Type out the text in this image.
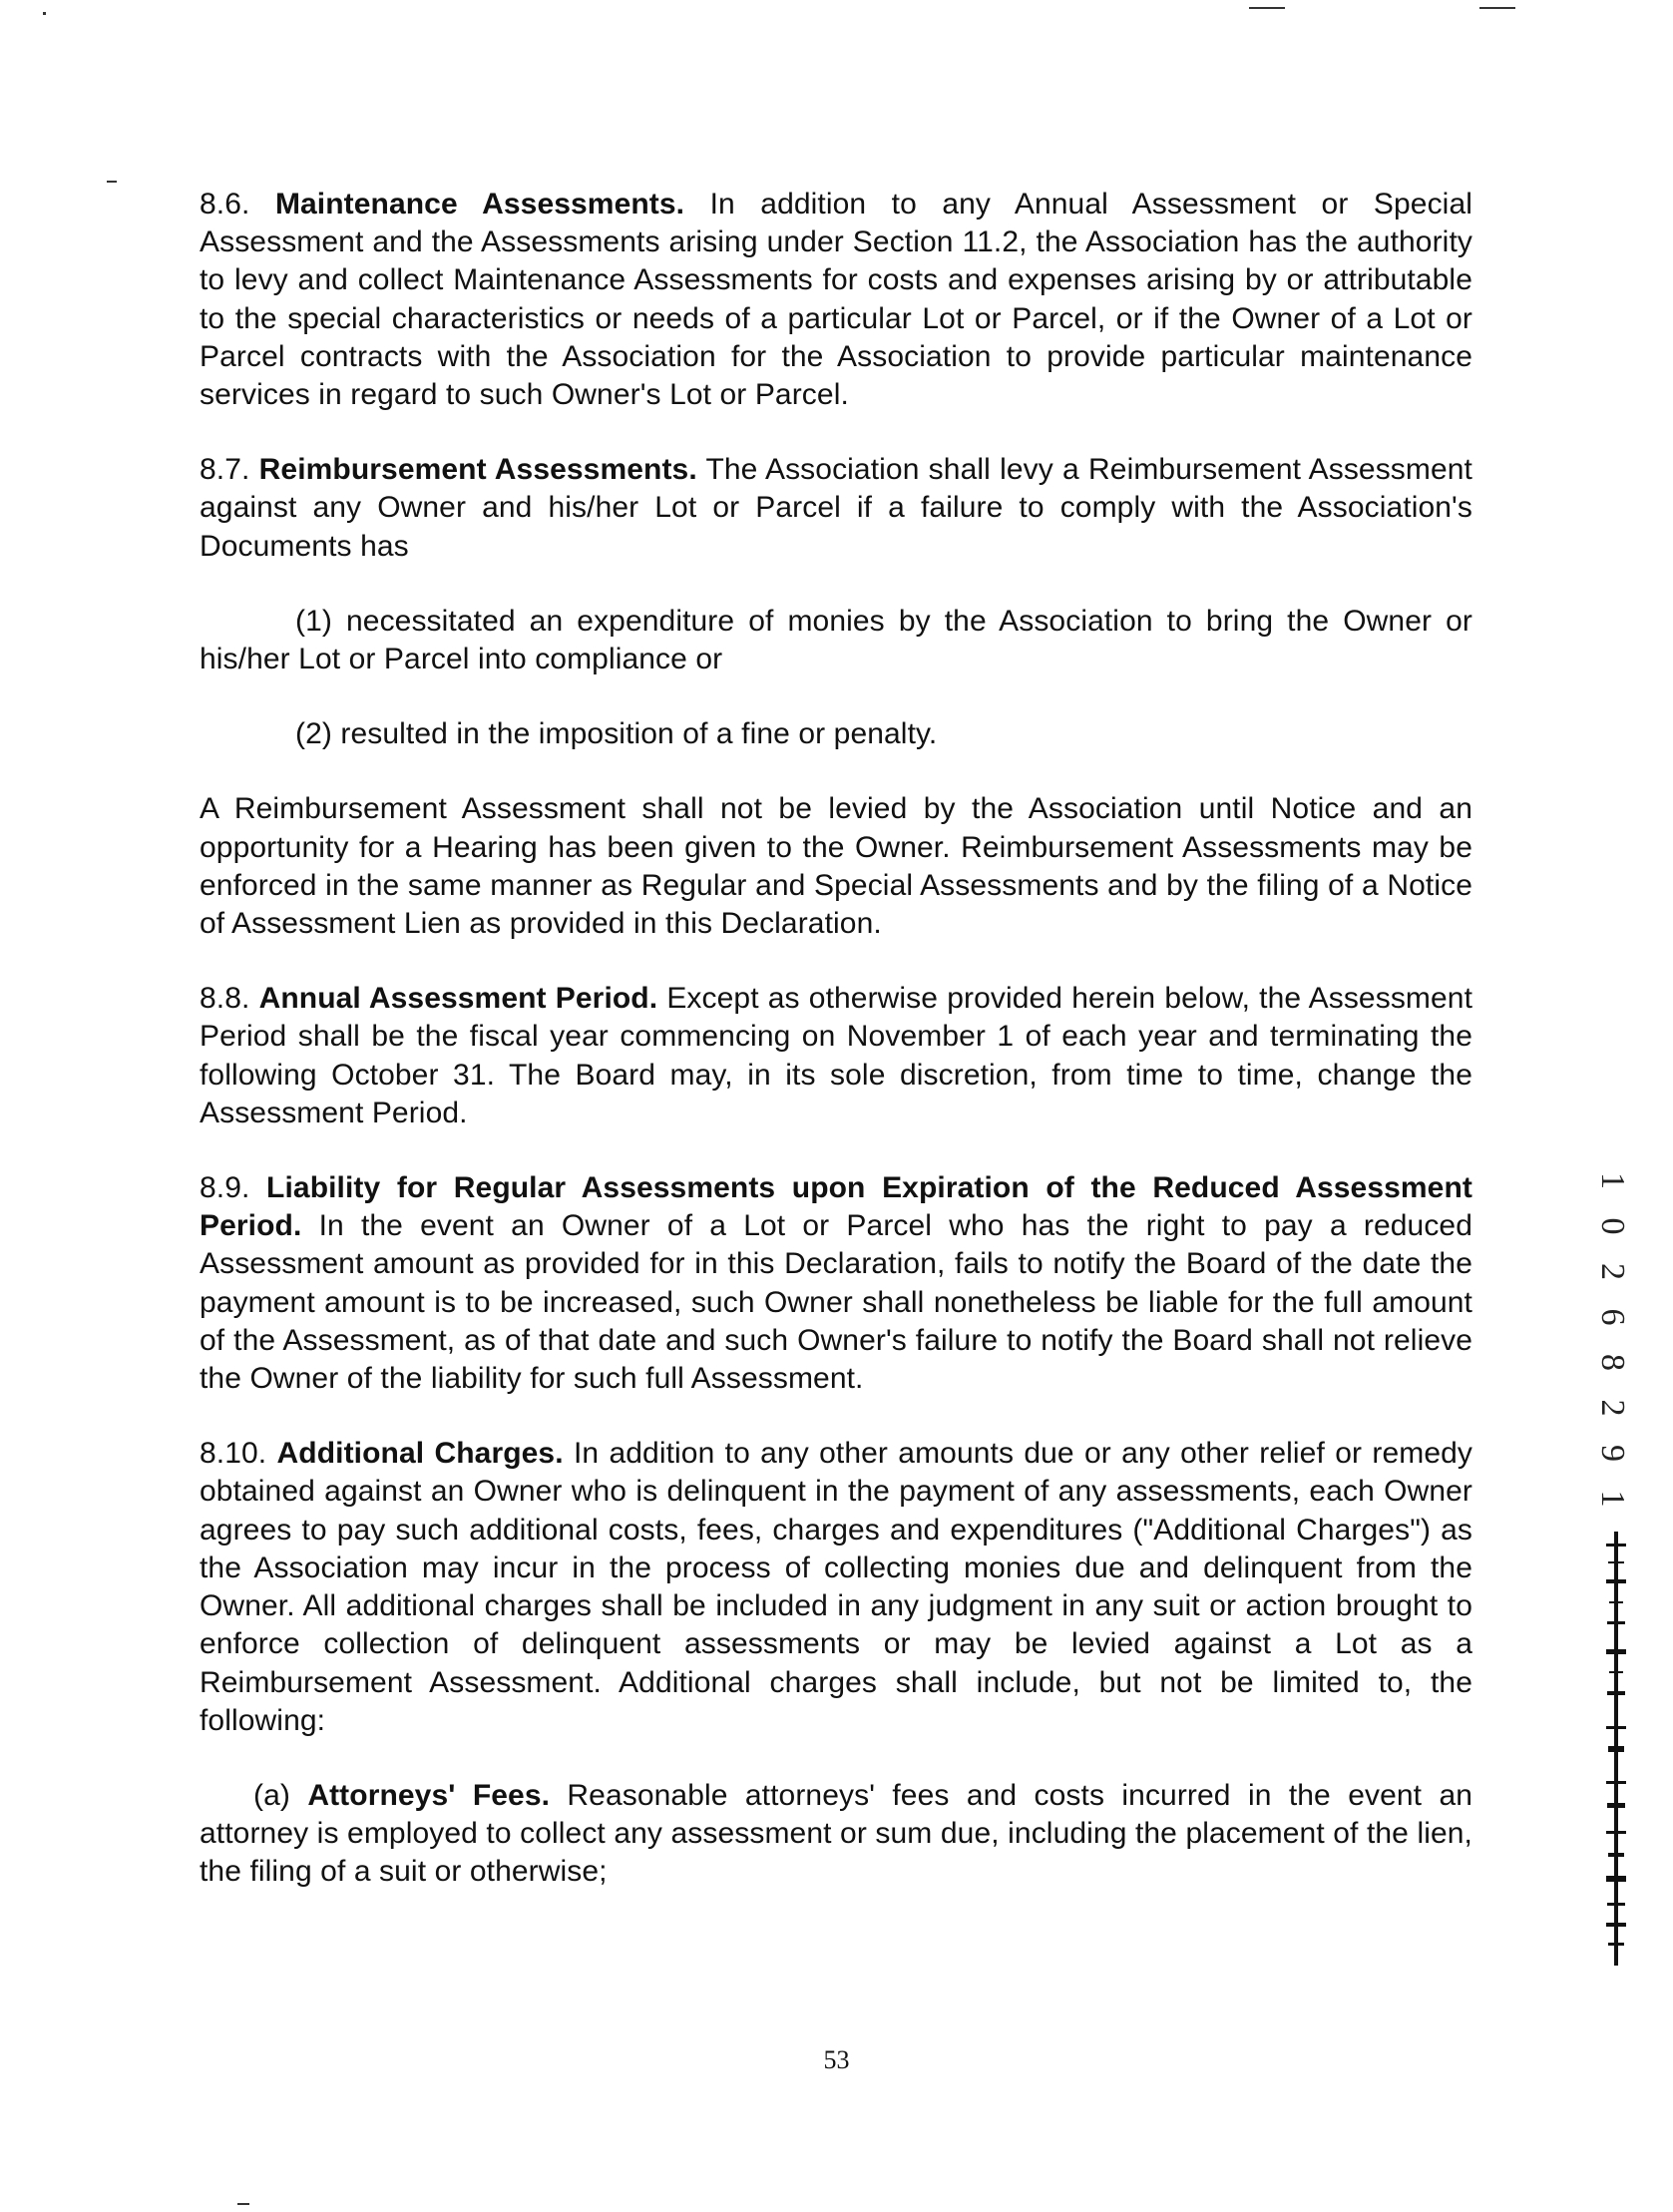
8.6. Maintenance Assessments. In addition to any Annual Assessment or Special Assessment and the Assessments arising under Section 11.2, the Association has the authority to levy and collect Maintenance Assessments for costs and expenses arising by or attributable to the special characteristics or needs of a particular Lot or Parcel, or if the Owner of a Lot or Parcel contracts with the Association for the Association to provide particular maintenance services in regard to such Owner's Lot or Parcel.

8.7. Reimbursement Assessments. The Association shall levy a Reimbursement Assessment against any Owner and his/her Lot or Parcel if a failure to comply with the Association's Documents has

(1) necessitated an expenditure of monies by the Association to bring the Owner or his/her Lot or Parcel into compliance or

(2) resulted in the imposition of a fine or penalty.

A Reimbursement Assessment shall not be levied by the Association until Notice and an opportunity for a Hearing has been given to the Owner. Reimbursement Assessments may be enforced in the same manner as Regular and Special Assessments and by the filing of a Notice of Assessment Lien as provided in this Declaration.

8.8. Annual Assessment Period. Except as otherwise provided herein below, the Assessment Period shall be the fiscal year commencing on November 1 of each year and terminating the following October 31. The Board may, in its sole discretion, from time to time, change the Assessment Period.

8.9. Liability for Regular Assessments upon Expiration of the Reduced Assessment Period. In the event an Owner of a Lot or Parcel who has the right to pay a reduced Assessment amount as provided for in this Declaration, fails to notify the Board of the date the payment amount is to be increased, such Owner shall nonetheless be liable for the full amount of the Assessment, as of that date and such Owner's failure to notify the Board shall not relieve the Owner of the liability for such full Assessment.

8.10. Additional Charges. In addition to any other amounts due or any other relief or remedy obtained against an Owner who is delinquent in the payment of any assessments, each Owner agrees to pay such additional costs, fees, charges and expenditures ("Additional Charges") as the Association may incur in the process of collecting monies due and delinquent from the Owner. All additional charges shall be included in any judgment in any suit or action brought to enforce collection of delinquent assessments or may be levied against a Lot as a Reimbursement Assessment. Additional charges shall include, but not be limited to, the following:

(a) Attorneys' Fees. Reasonable attorneys' fees and costs incurred in the event an attorney is employed to collect any assessment or sum due, including the placement of the lien, the filing of a suit or otherwise;

1 0 2 6 8 2 9 1
53
